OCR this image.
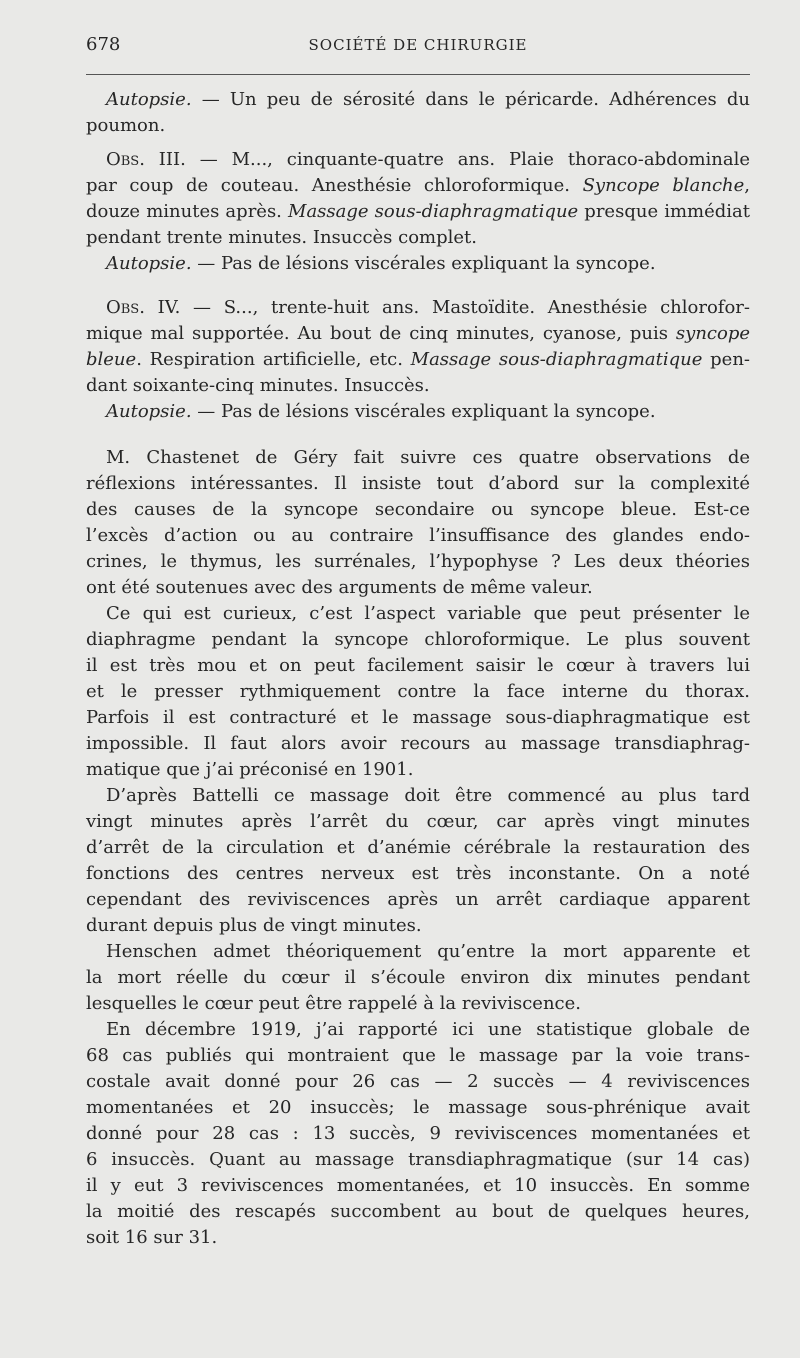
678	SOCIÉTÉ DE CHIRURGIE
Autopsie. — Un peu de sérosité dans le péricarde. Adhérences du
poumon.
Obs. III. — M..., cinquante-quatre ans. Plaie thoraco-abdominale
par coup de couteau. Anesthésie chloroformique. Syncope blanche,
douze minutes après. Massage sous-diaphragmatique presque immédiat
pendant trente minutes. Insuccès complet.
Autopsie. — Pas de lésions viscérales expliquant la syncope.
Obs. IV. — S..., trente-huit ans. Mastoïdite. Anesthésie chlorofor-
mique mal supportée. Au bout de cinq minutes, cyanose, puis syncope
bleue. Respiration artificielle, etc. Massage sous-diaphragmatique pen-
dant soixante-cinq minutes. Insuccès.
Autopsie. — Pas de lésions viscérales expliquant la syncope.
M. Chastenet de Géry fait suivre ces quatre observations de
réflexions intéressantes. Il insiste tout d’abord sur la complexité
des causes de la syncope secondaire ou syncope bleue. Est-ce
l’excès d’action ou au contraire l’insuffisance des glandes endo-
crines, le thymus, les surrénales, l’hypophyse ? Les deux théories
ont été soutenues avec des arguments de même valeur.
Ce qui est curieux, c’est l’aspect variable que peut présenter le
diaphragme pendant la syncope chloroformique. Le plus souvent
il est très mou et on peut facilement saisir le cœur à travers lui
et le presser rythmiquement contre la face interne du thorax.
Parfois il est contracturé et le massage sous-diaphragmatique est
impossible. Il faut alors avoir recours au massage transdiaphrag-
matique que j’ai préconisé en 1901.
D’après Battelli ce massage doit être commencé au plus tard
vingt minutes après l’arrêt du cœur, car après vingt minutes
d’arrêt de la circulation et d’anémie cérébrale la restauration des
fonctions des centres nerveux est très inconstante. On a noté
cependant des reviviscences après un arrêt cardiaque apparent
durant depuis plus de vingt minutes.
Henschen admet théoriquement qu’entre la mort apparente et
la mort réelle du cœur il s’écoule environ dix minutes pendant
lesquelles le cœur peut être rappelé à la reviviscence.
En décembre 1919, j’ai rapporté ici une statistique globale de
68 cas publiés qui montraient que le massage par la voie trans-
costale avait donné pour 26 cas — 2 succès — 4 reviviscences
momentanées et 20 insuccès; le massage sous-phrénique avait
donné pour 28 cas : 13 succès, 9 reviviscences momentanées et
6 insuccès. Quant au massage transdiaphragmatique (sur 14 cas)
il y eut 3 reviviscences momentanées, et 10 insuccès. En somme
la moitié des rescapés succombent au bout de quelques heures,
soit 16 sur 31.
